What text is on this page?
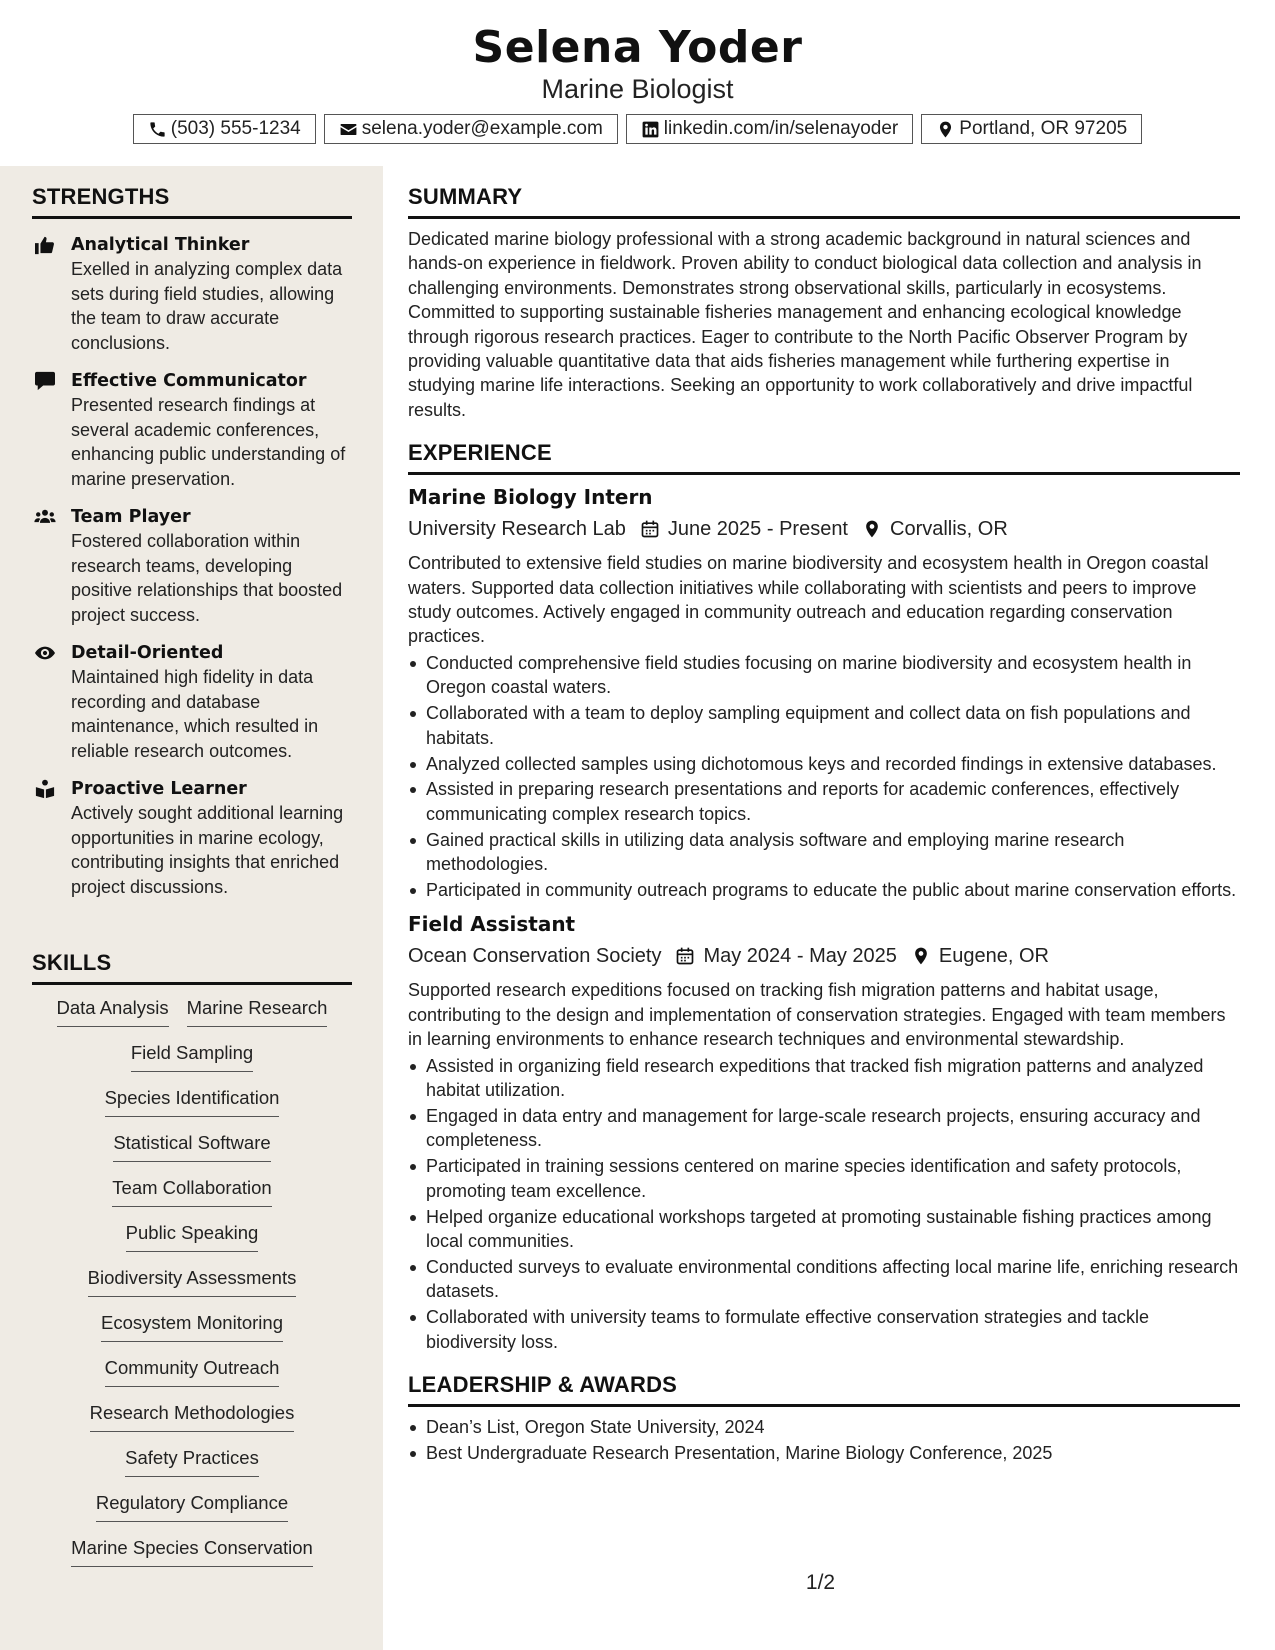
Selena Yoder
Marine Biologist
(503) 555-1234	selena.yoder@example.com	linkedin.com/in/selenayoder	Portland, OR 97205
STRENGTHS
Analytical Thinker
Exelled in analyzing complex data sets during field studies, allowing the team to draw accurate conclusions.
Effective Communicator
Presented research findings at several academic conferences, enhancing public understanding of marine preservation.
Team Player
Fostered collaboration within research teams, developing positive relationships that boosted project success.
Detail-Oriented
Maintained high fidelity in data recording and database maintenance, which resulted in reliable research outcomes.
Proactive Learner
Actively sought additional learning opportunities in marine ecology, contributing insights that enriched project discussions.
SKILLS
Data Analysis Marine Research
Field Sampling
Species Identification
Statistical Software
Team Collaboration
Public Speaking
Biodiversity Assessments
Ecosystem Monitoring
Community Outreach
Research Methodologies
Safety Practices
Regulatory Compliance
Marine Species Conservation
SUMMARY
Dedicated marine biology professional with a strong academic background in natural sciences and hands-on experience in fieldwork. Proven ability to conduct biological data collection and analysis in challenging environments. Demonstrates strong observational skills, particularly in ecosystems. Committed to supporting sustainable fisheries management and enhancing ecological knowledge through rigorous research practices. Eager to contribute to the North Pacific Observer Program by providing valuable quantitative data that aids fisheries management while furthering expertise in studying marine life interactions. Seeking an opportunity to work collaboratively and drive impactful results.
EXPERIENCE
Marine Biology Intern
University Research Lab June 2025 - Present Corvallis, OR
Contributed to extensive field studies on marine biodiversity and ecosystem health in Oregon coastal waters. Supported data collection initiatives while collaborating with scientists and peers to improve study outcomes. Actively engaged in community outreach and education regarding conservation practices.
Conducted comprehensive field studies focusing on marine biodiversity and ecosystem health in Oregon coastal waters.
Collaborated with a team to deploy sampling equipment and collect data on fish populations and habitats.
Analyzed collected samples using dichotomous keys and recorded findings in extensive databases.
Assisted in preparing research presentations and reports for academic conferences, effectively communicating complex research topics.
Gained practical skills in utilizing data analysis software and employing marine research methodologies.
Participated in community outreach programs to educate the public about marine conservation efforts.
Field Assistant
Ocean Conservation Society May 2024 - May 2025 Eugene, OR
Supported research expeditions focused on tracking fish migration patterns and habitat usage, contributing to the design and implementation of conservation strategies. Engaged with team members in learning environments to enhance research techniques and environmental stewardship.
Assisted in organizing field research expeditions that tracked fish migration patterns and analyzed habitat utilization.
Engaged in data entry and management for large-scale research projects, ensuring accuracy and completeness.
Participated in training sessions centered on marine species identification and safety protocols, promoting team excellence.
Helped organize educational workshops targeted at promoting sustainable fishing practices among local communities.
Conducted surveys to evaluate environmental conditions affecting local marine life, enriching research datasets.
Collaborated with university teams to formulate effective conservation strategies and tackle biodiversity loss.
LEADERSHIP & AWARDS
Dean’s List, Oregon State University, 2024
Best Undergraduate Research Presentation, Marine Biology Conference, 2025
1/2
